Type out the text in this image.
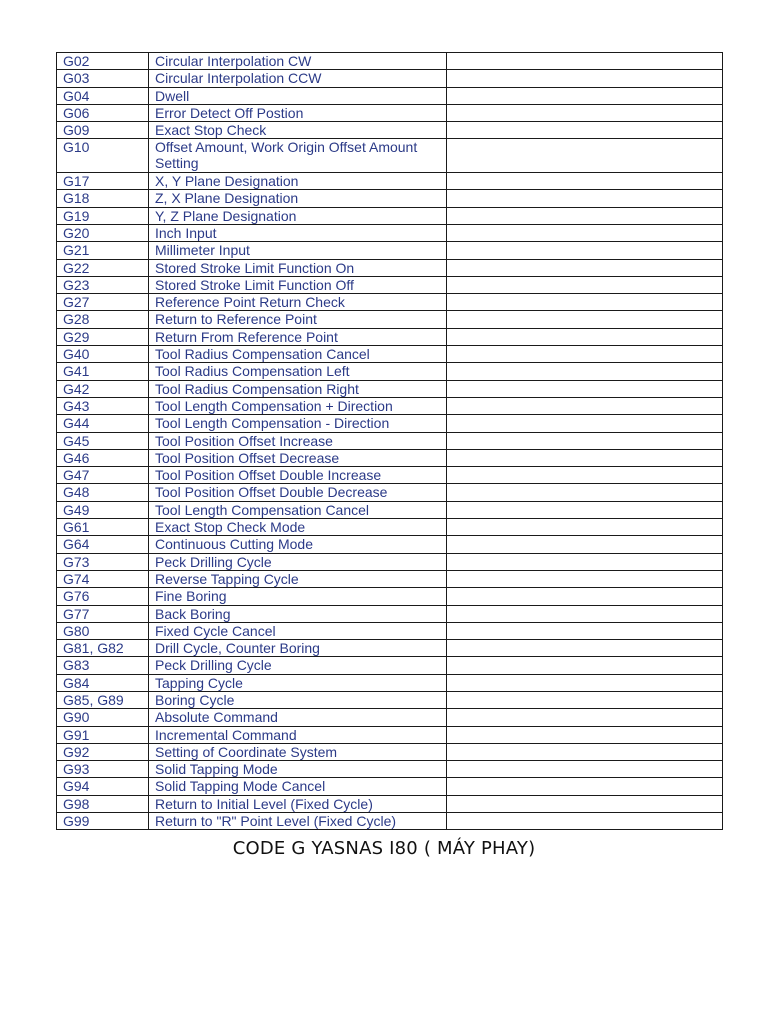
G02	Circular Interpolation CW	
G03	Circular Interpolation CCW	
G04	Dwell	
G06	Error Detect Off Postion	
G09	Exact Stop Check	
G10	Offset Amount, Work Origin Offset Amount Setting	
G17	X, Y Plane Designation	
G18	Z, X Plane Designation	
G19	Y, Z Plane Designation	
G20	Inch Input	
G21	Millimeter Input	
G22	Stored Stroke Limit Function On	
G23	Stored Stroke Limit Function Off	
G27	Reference Point Return Check	
G28	Return to Reference Point	
G29	Return From Reference Point	
G40	Tool Radius Compensation Cancel	
G41	Tool Radius Compensation Left	
G42	Tool Radius Compensation Right	
G43	Tool Length Compensation + Direction	
G44	Tool Length Compensation - Direction	
G45	Tool Position Offset Increase	
G46	Tool Position Offset Decrease	
G47	Tool Position Offset Double Increase	
G48	Tool Position Offset Double Decrease	
G49	Tool Length Compensation Cancel	
G61	Exact Stop Check Mode	
G64	Continuous Cutting Mode	
G73	Peck Drilling Cycle	
G74	Reverse Tapping Cycle	
G76	Fine Boring	
G77	Back Boring	
G80	Fixed Cycle Cancel	
G81, G82	Drill Cycle, Counter Boring	
G83	Peck Drilling Cycle	
G84	Tapping Cycle	
G85, G89	Boring Cycle	
G90	Absolute Command	
G91	Incremental Command	
G92	Setting of Coordinate System	
G93	Solid Tapping Mode	
G94	Solid Tapping Mode Cancel	
G98	Return to Initial Level (Fixed Cycle)	
G99	Return to "R" Point Level (Fixed Cycle)	
CODE G YASNAS I80 ( MÁY PHAY)
